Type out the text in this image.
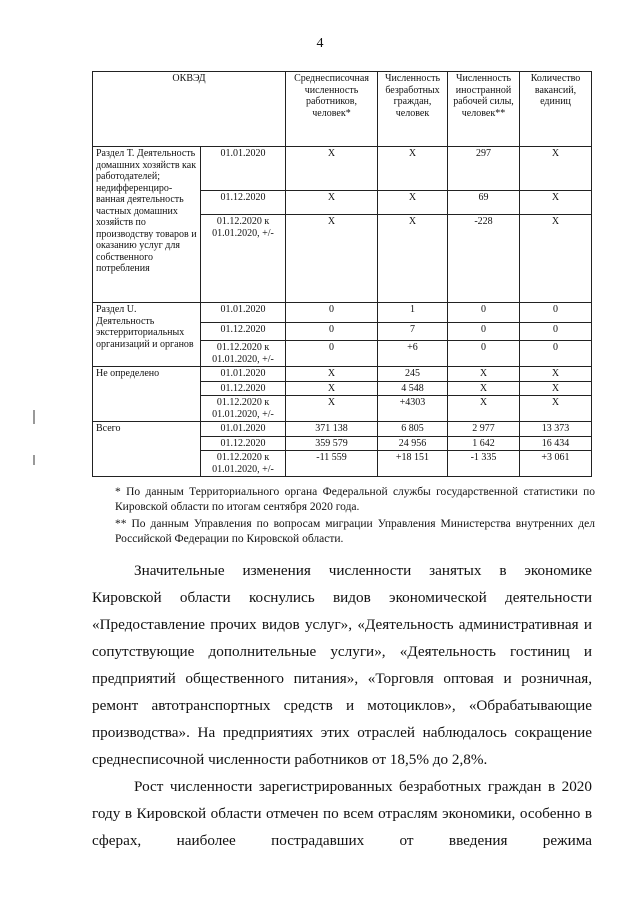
4
ОКВЭД		Среднесписочная численность работников, человек*	Численность безработных граждан, человек	Численность иностранной рабочей силы, человек**	Количество вакансий, единиц
Раздел Т. Деятельность домашних хозяйств как работодателей; недифференциро-ванная деятельность частных домашних хозяйств по производству товаров и оказанию услуг для собственного потребления	01.01.2020	X	X	297	X
	01.12.2020	X	X	69	X
	01.12.2020 к 01.01.2020, +/-	X	X	-228	X
Раздел U. Деятельность экстерриториальных организаций и органов	01.01.2020	0	1	0	0
	01.12.2020	0	7	0	0
	01.12.2020 к 01.01.2020, +/-	0	+6	0	0
Не определено	01.01.2020	X	245	X	X
	01.12.2020	X	4 548	X	X
	01.12.2020 к 01.01.2020, +/-	X	+4303	X	X
Всего	01.01.2020	371 138	6 805	2 977	13 373
	01.12.2020	359 579	24 956	1 642	16 434
	01.12.2020 к 01.01.2020, +/-	-11 559	+18 151	-1 335	+3 061

* По данным Территориального органа Федеральной службы государственной статистики по Кировской области по итогам сентября 2020 года.

** По данным Управления по вопросам миграции Управления Министерства внутренних дел Российской Федерации по Кировской области.

Значительные изменения численности занятых в экономике Кировской области коснулись видов экономической деятельности «Предоставление прочих видов услуг», «Деятельность административная и сопутствующие дополнительные услуги», «Деятельность гостиниц и предприятий общественного питания», «Торговля оптовая и розничная, ремонт автотранспортных средств и мотоциклов», «Обрабатывающие производства». На предприятиях этих отраслей наблюдалось сокращение среднесписочной численности работников от 18,5% до 2,8%.

Рост численности зарегистрированных безработных граждан в 2020 году в Кировской области отмечен по всем отраслям экономики, особенно в сферах, наиболее пострадавших от введения режима
